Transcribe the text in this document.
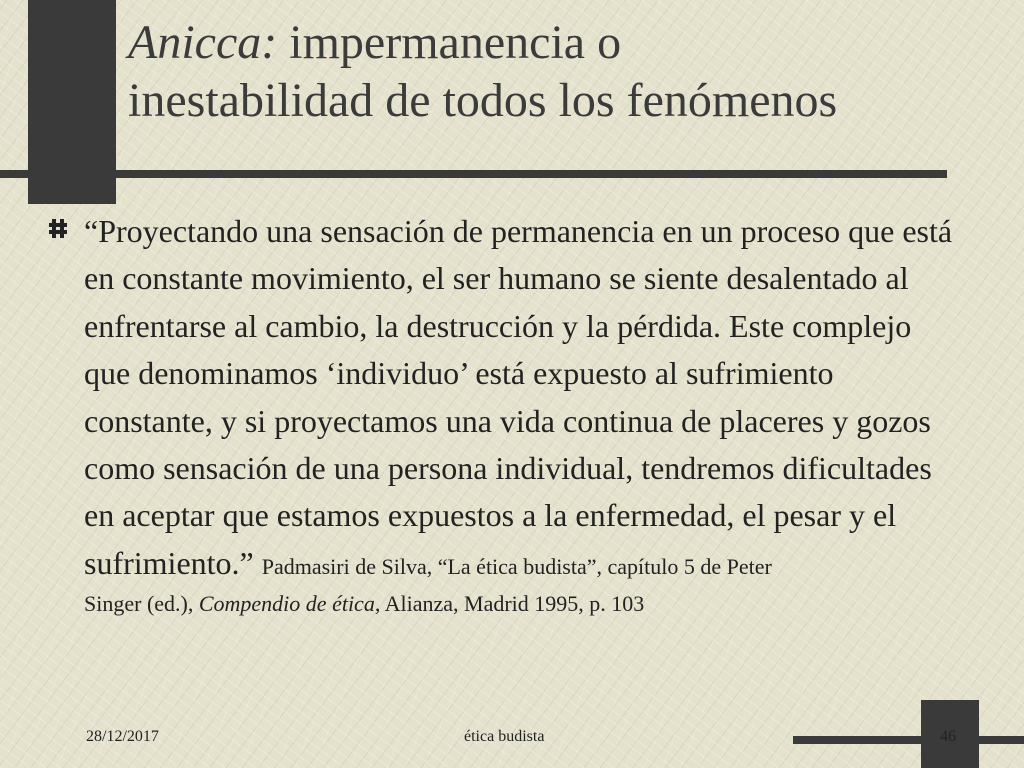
Anicca: impermanencia o
inestabilidad de todos los fenómenos
“Proyectando una sensación de permanencia en un proceso que está en constante movimiento, el ser humano se siente desalentado al enfrentarse al cambio, la destrucción y la pérdida. Este complejo que denominamos ‘individuo’ está expuesto al sufrimiento constante, y si proyectamos una vida continua de placeres y gozos como sensación de una persona individual, tendremos dificultades en aceptar que estamos expuestos a la enfermedad, el pesar y el sufrimiento.” Padmasiri de Silva, “La ética budista”, capítulo 5 de Peter
Singer (ed.), Compendio de ética, Alianza, Madrid 1995, p. 103
28/12/2017	ética budista	46
